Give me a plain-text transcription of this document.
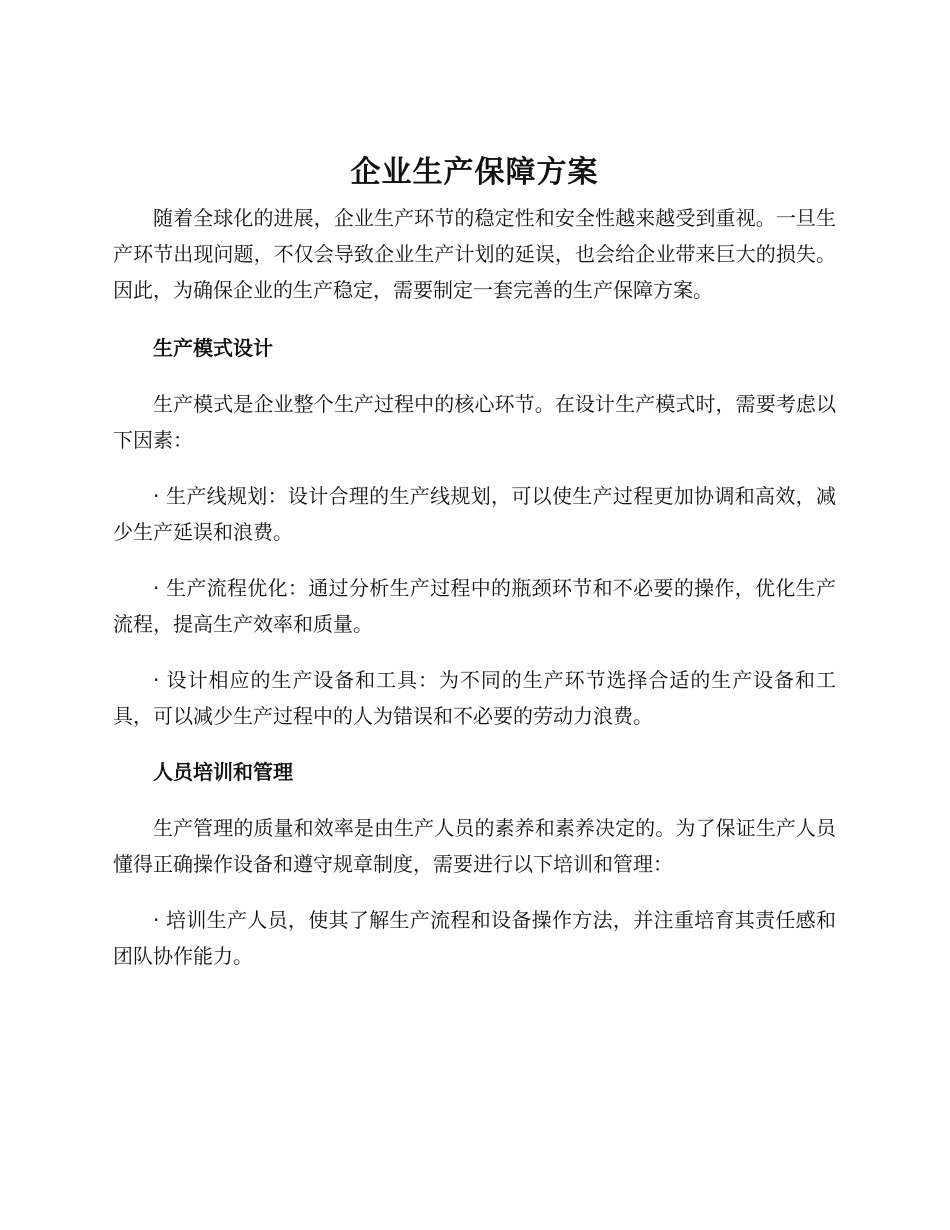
企业生产保障方案

随着全球化的进展，企业生产环节的稳定性和安全性越来越受到重视。一旦生产环节出现问题，不仅会导致企业生产计划的延误，也会给企业带来巨大的损失。因此，为确保企业的生产稳定，需要制定一套完善的生产保障方案。

生产模式设计

生产模式是企业整个生产过程中的核心环节。在设计生产模式时，需要考虑以下因素：

· 生产线规划：设计合理的生产线规划，可以使生产过程更加协调和高效，减少生产延误和浪费。

· 生产流程优化：通过分析生产过程中的瓶颈环节和不必要的操作，优化生产流程，提高生产效率和质量。

· 设计相应的生产设备和工具：为不同的生产环节选择合适的生产设备和工具，可以减少生产过程中的人为错误和不必要的劳动力浪费。

人员培训和管理

生产管理的质量和效率是由生产人员的素养和素养决定的。为了保证生产人员懂得正确操作设备和遵守规章制度，需要进行以下培训和管理：

· 培训生产人员，使其了解生产流程和设备操作方法，并注重培育其责任感和团队协作能力。
